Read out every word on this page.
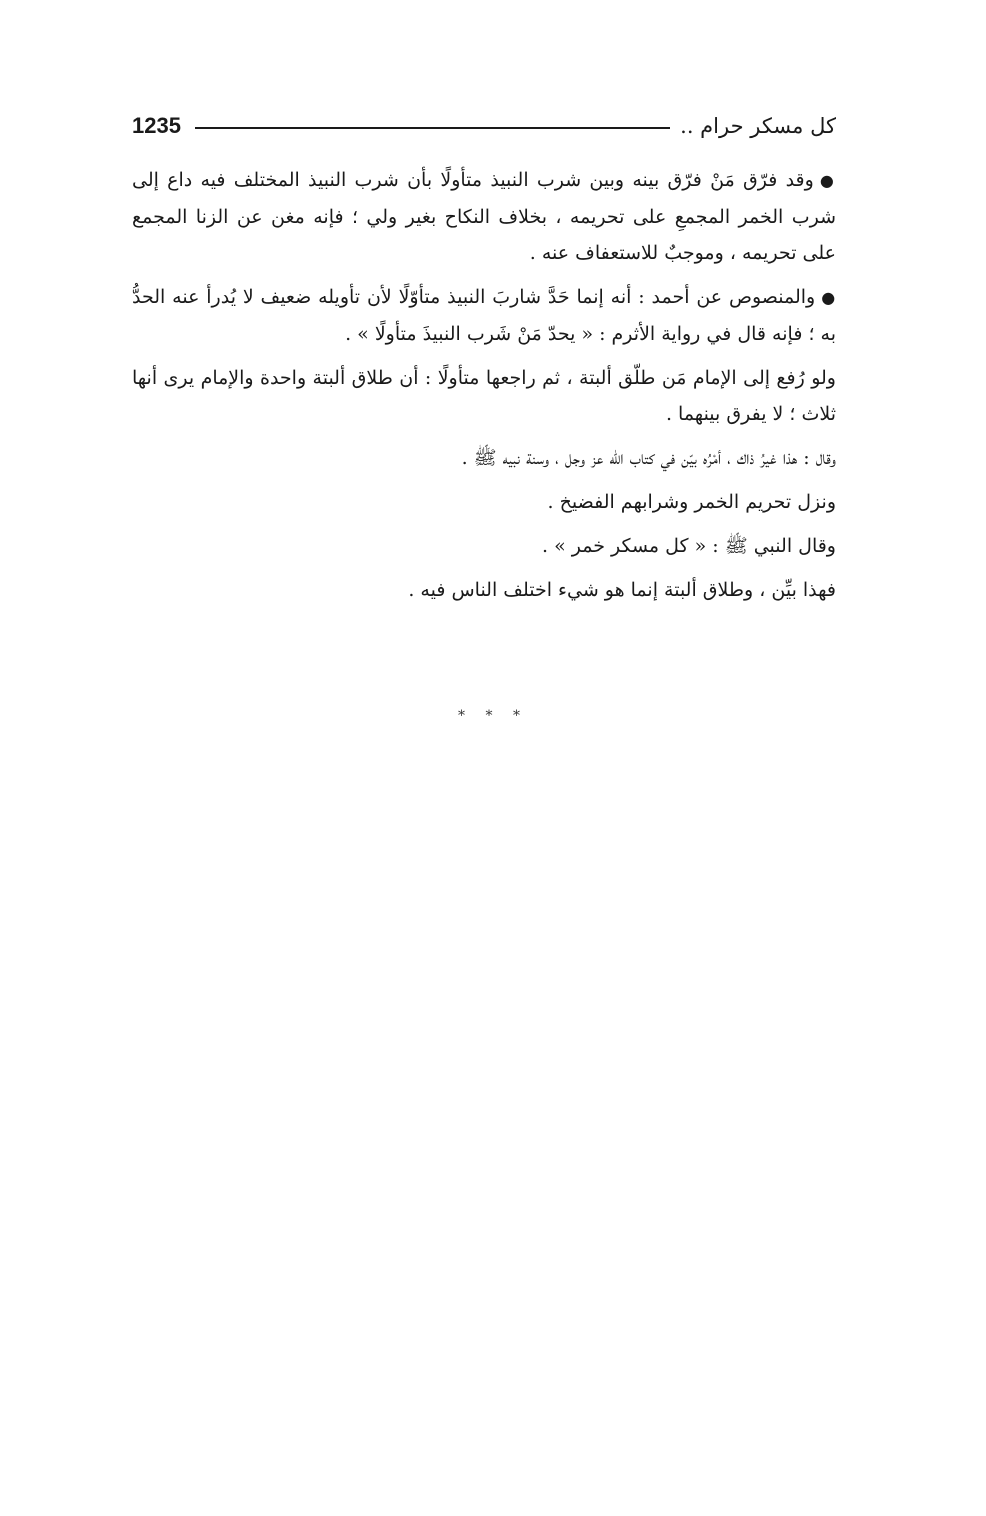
1235	كل مسكر حرام ..

●وقد فرّق مَنْ فرّق بينه وبين شرب النبيذ متأولًا بأن شرب النبيذ المختلف فيه داع إلى شرب الخمر المجمعِ على تحريمه ، بخلاف النكاح بغير ولي ؛ فإنه مغن عن الزنا المجمع على تحريمه ، وموجبٌ للاستعفاف عنه .

●والمنصوص عن أحمد : أنه إنما حَدَّ شاربَ النبيذ متأوّلًا لأن تأويله ضعيف لا يُدرأ عنه الحدُّ به ؛ فإنه قال في رواية الأثرم : « يحدّ مَنْ شَرب النبيذَ متأولًا » .

ولو رُفع إلى الإمام مَن طلّق ألبتة ، ثم راجعها متأولًا : أن طلاق ألبتة واحدة والإمام يرى أنها ثلاث ؛ لا يفرق بينهما .

وقال : هذا غيرُ ذاك ، أمْرُه بيّن في كتاب اللّه عز وجل ، وسنة نبيه ﷺ .

ونزل تحريم الخمر وشرابهم الفضيخ .

وقال النبي ﷺ : « كل مسكر خمر » .

فهذا بيِّن ، وطلاق ألبتة إنما هو شيء اختلف الناس فيه .

* * *
